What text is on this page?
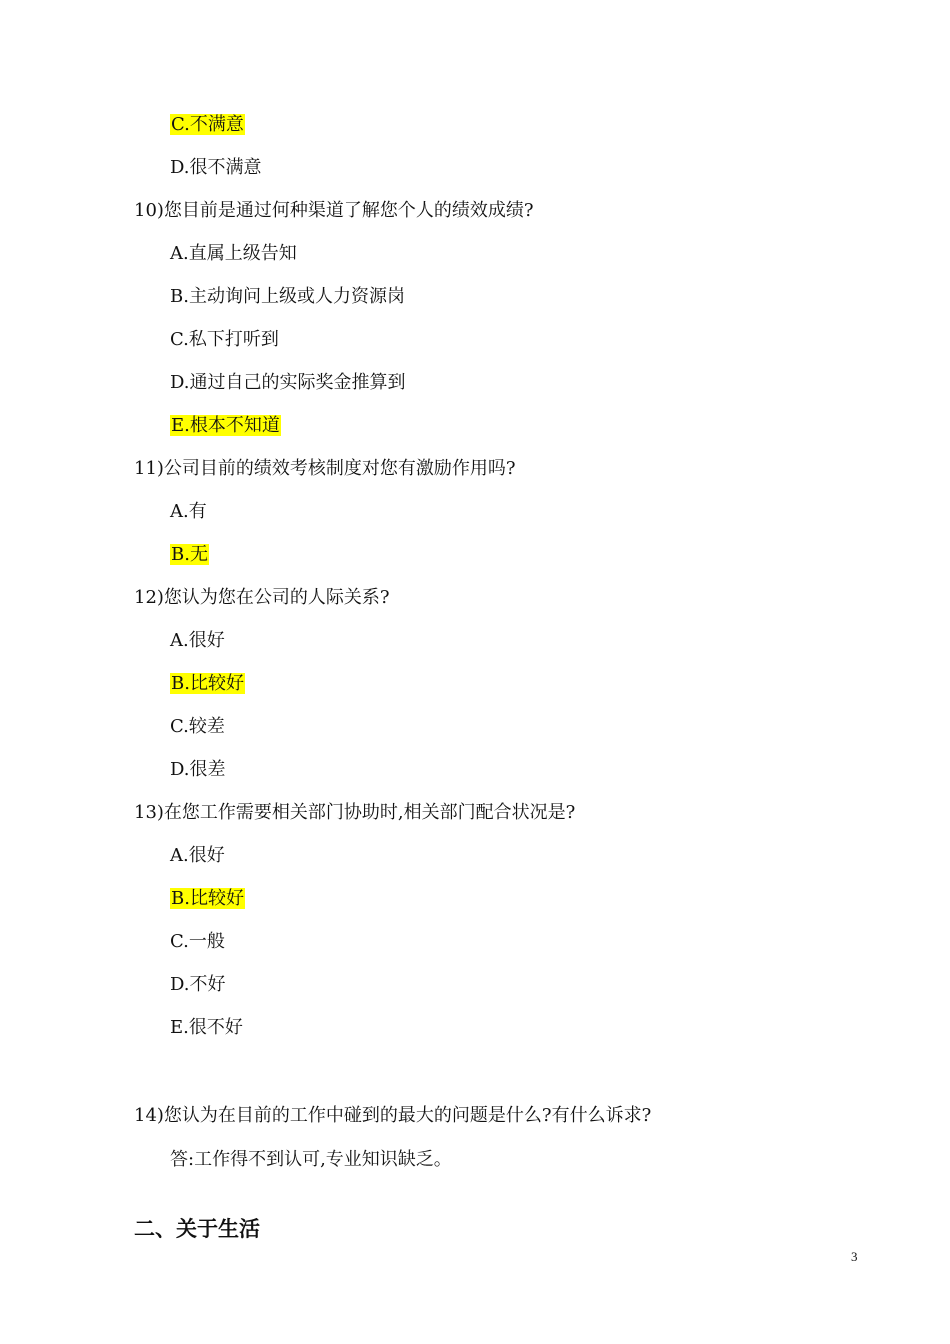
C.不满意
D.很不满意
10)您目前是通过何种渠道了解您个人的绩效成绩?
A.直属上级告知
B.主动询问上级或人力资源岗
C.私下打听到
D.通过自己的实际奖金推算到
E.根本不知道
11)公司目前的绩效考核制度对您有激励作用吗?
A.有
B.无
12)您认为您在公司的人际关系?
A.很好
B.比较好
C.较差
D.很差
13)在您工作需要相关部门协助时,相关部门配合状况是?
A.很好
B.比较好
C.一般
D.不好
E.很不好
14)您认为在目前的工作中碰到的最大的问题是什么?有什么诉求?
答:工作得不到认可,专业知识缺乏。
二、关于生活
3
